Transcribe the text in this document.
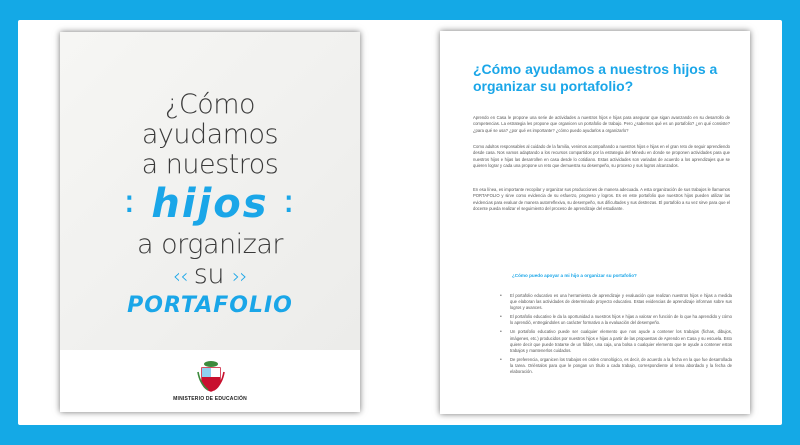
¿Cómo
ayudamos
a nuestros
⁚ hijos ⁚
a organizar
‹‹ su ››
PORTAFOLIO
MINISTERIO DE EDUCACIÓN
¿Cómo ayudamos a nuestros hijos a organizar su portafolio?
Aprendo en Casa le propone una serie de actividades a nuestros hijos e hijas para asegurar que sigan avanzando en su desarrollo de competencias. La estrategia les propone que organicen un portafolio de trabajo. Pero ¿sabemos qué es un portafolio? ¿en qué consiste? ¿para qué se usa? ¿por qué es importante? ¿cómo puedo ayudarlos a organizarlo?
Como adultos responsables al cuidado de la familia, venimos acompañando a nuestros hijos e hijas en el gran reto de seguir aprendiendo desde casa. Nos vamos adaptando a los recursos compartidos por la estrategia del Minedu en donde se proponen actividades para que nuestros hijos e hijas las desarrollen en casa desde lo cotidiano. Estas actividades son variadas de acuerdo a los aprendizajes que se quieren lograr y cada una propone un reto que demuestra su desempeño, su proceso y sus logros alcanzados.
En esa línea, es importante recopilar y organizar sus producciones de manera adecuada. A esta organización de sus trabajos le llamamos PORTAFOLIO y sirve como evidencia de su esfuerzo, progreso y logros. Es en este portafolio que nuestros hijos pueden utilizar las evidencias para evaluar de manera autorreflexiva, su desempeño, sus dificultades y sus destrezas. El portafolio a su vez sirve para que el docente pueda realizar el seguimiento del proceso de aprendizaje del estudiante.
¿Cómo puedo apoyar a mi hijo a organizar su portafolio?
• El portafolio educativo es una herramienta de aprendizaje y evaluación que realizan nuestros hijos e hijas a medida que elaboran las actividades de determinado proyecto educativo. Estas evidencias de aprendizaje informan sobre sus logros y avances.
• El portafolio educativo le da la oportunidad a nuestros hijos e hijas a valorar en función de lo que ha aprendido y cómo lo aprendió, entregándoles un carácter formativo a la evaluación del desempeño.
• Un portafolio educativo puede ser cualquier elemento que nos ayude a contener los trabajos (fichas, dibujos, imágenes, etc.) producidos por nuestros hijos e hijas a partir de las propuestas de Aprendo en Casa y su escuela. Esto quiere decir que puede tratarse de un fólder, una caja, una bolsa o cualquier elemento que te ayude a contener estos trabajos y mantenerlos cuidados.
• De preferencia, organicen los trabajos en orden cronológico, es decir, de acuerdo a la fecha en la que fue desarrollada la tarea. Oriéntalos para que le pongan un título a cada trabajo, correspondiente al tema abordado y la fecha de elaboración.
